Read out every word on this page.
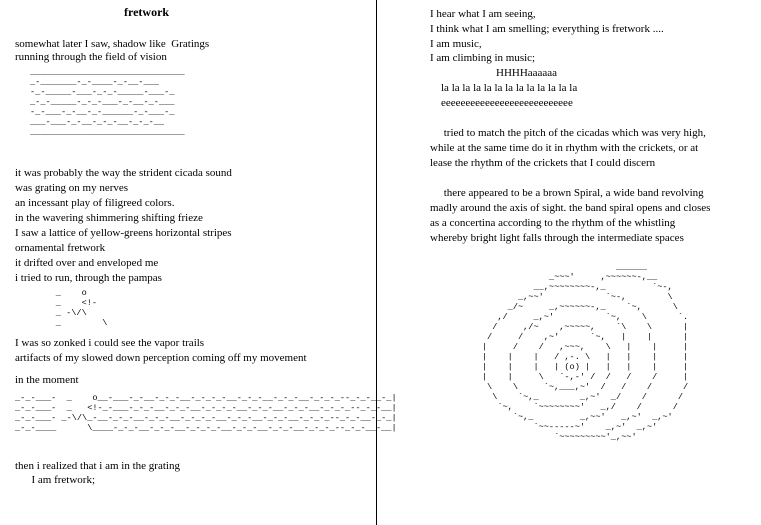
fretwork
somewhat later I saw, shadow like  Gratings
running through the field of vision
______________________________
_-_______-_-____-_-__-___
-_-_____-___-_-_-_____-___-_
_-_-_____-_-_-___-_-__-_-___
-_-___-_-__-_-______-_-___-_
___-___-_-__-_-_-__-_-_-__
______________________________
it was probably the way the strident cicada sound
was grating on my nerves
an incessant play of filigreed colors.
in the wavering shimmering shifting frieze
I saw a lattice of yellow-greens horizontal stripes
ornamental fretwork
it drifted over and enveloped me
i tried to run, through the pampas
_    o
_    <!-
_ -\/\
_        \
I was so zonked i could see the vapor trails
artifacts of my slowed down perception coming off my movement
in the moment
_-_-___-  _    o__-___-_-__-_-_-__-_-_-_-__-_-_-__-_-_-__-_-_-_--_-_-__-_|
_-_-___-  _   <!-_-___-_-_-__-_-_-__-_-_-_-__-_-_-__-_-_-__-_-_-_--_-_-__|
_-_-___- _-\/\_-__-_-_-__-_-_-__-_-_-_-__-_-_-__-_-_-__-_-_-_--_-_-__-_-_|
_-_-____      \____-_-_-__-_-_-__-_-_-_-__-_-_-__-_-_-__-_-_-_--_-_-__-__|
then i realized that i am in the grating
I am fretwork;
I hear what I am seeing,
I think what I am smelling; everything is fretwork ....
I am music,
I am climbing in music;
HHHHaaaaaa
la la la la la la la la la la la la la
eeeeeeeeeeeeeeeeeeeeeeeeeee
tried to match the pitch of the cicadas which was very high,
while at the same time do it in rhythm with the crickets, or at
lease the rhythm of the crickets that I could discern
there appeared to be a brown Spiral, a wide band revolving
madly around the axis of sight. the band spiral opens and closes
as a concertina according to the rhythm of the whistling
whereby bright light falls through the intermediate spaces
______
_~~~'     ,~~~~~~-,__
__,~~~~~~~~-,_         `~-,
_,~~'            `~-,        \
_/~     _,~~~~~~-,_    `~,      \
,/     _,~'          `~,    \      `.
/     ,/~    ,~~~~~,    `\    \      |
/     /    ,~'      `~,   |    |      |
|     /    /   ,~~~,    \   |    |     |
|    |    |   / ,-. \   |   |    |     |
|    |    |   | (o) |   |   |    |     |
|    |     \   `-,-' /  /   /    /     |
\    \     `~,___,~'  /   /    /      /
\    `~,_        _,~'  _/    /      /
`~,    `~~~~~~~~'   _,/    /      /
`~,_         _,~~'   _,~'  _,~'
`~~-----~'    _,~'  _,~'
`~~~~~~~~~'_,~~'
